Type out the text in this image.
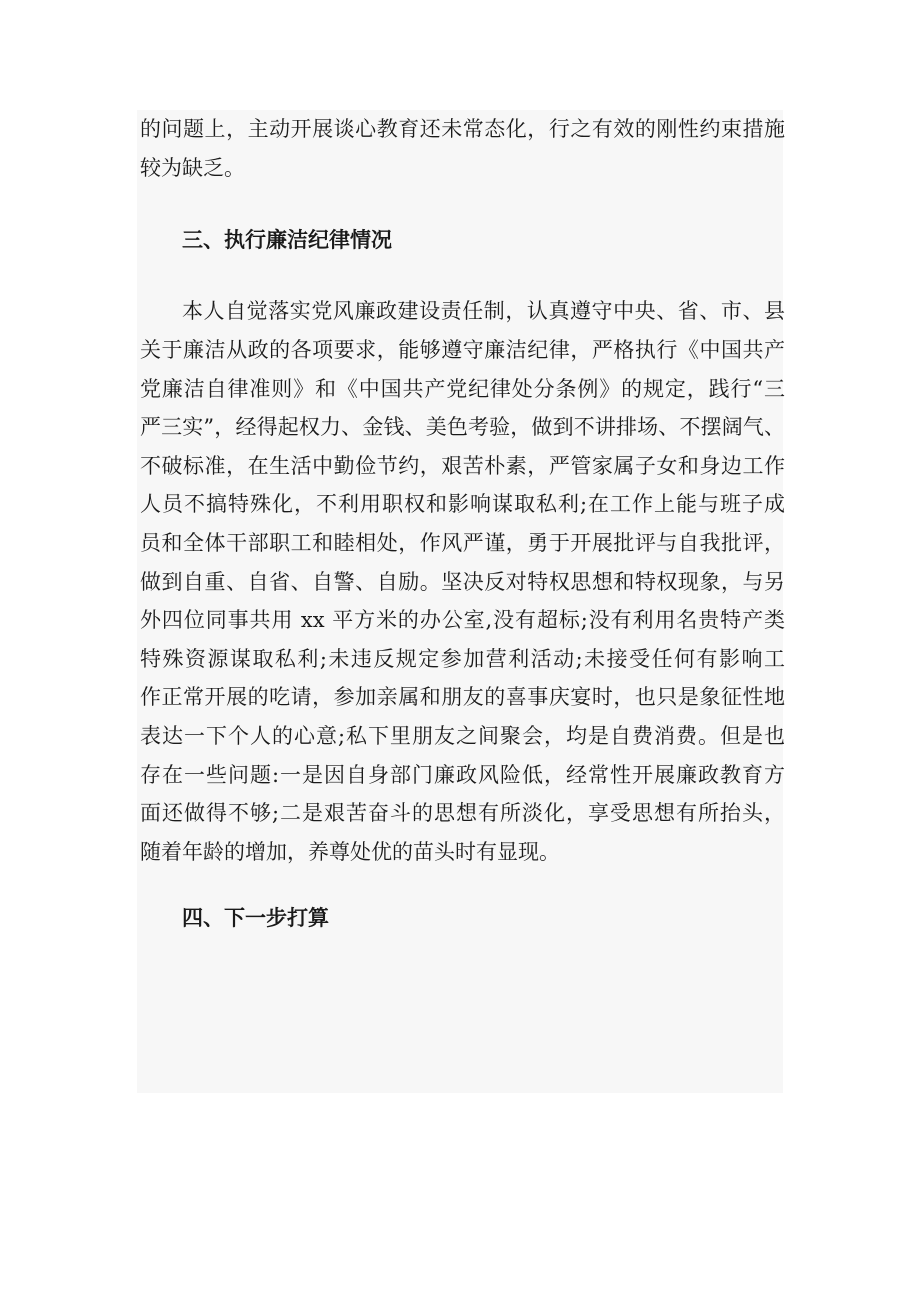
的问题上，主动开展谈心教育还未常态化，行之有效的刚性约束措施
较为缺乏。
三、执行廉洁纪律情况
本人自觉落实党风廉政建设责任制，认真遵守中央、省、市、县
关于廉洁从政的各项要求，能够遵守廉洁纪律，严格执行《中国共产
党廉洁自律准则》和《中国共产党纪律处分条例》的规定，践行“三
严三实”，经得起权力、金钱、美色考验，做到不讲排场、不摆阔气、
不破标准，在生活中勤俭节约，艰苦朴素，严管家属子女和身边工作
人员不搞特殊化，不利用职权和影响谋取私利;在工作上能与班子成
员和全体干部职工和睦相处，作风严谨，勇于开展批评与自我批评，
做到自重、自省、自警、自励。坚决反对特权思想和特权现象，与另
外四位同事共用 xx 平方米的办公室,没有超标;没有利用名贵特产类
特殊资源谋取私利;未违反规定参加营利活动;未接受任何有影响工
作正常开展的吃请，参加亲属和朋友的喜事庆宴时，也只是象征性地
表达一下个人的心意;私下里朋友之间聚会，均是自费消费。但是也
存在一些问题:一是因自身部门廉政风险低，经常性开展廉政教育方
面还做得不够;二是艰苦奋斗的思想有所淡化，享受思想有所抬头，
随着年龄的增加，养尊处优的苗头时有显现。
四、下一步打算
